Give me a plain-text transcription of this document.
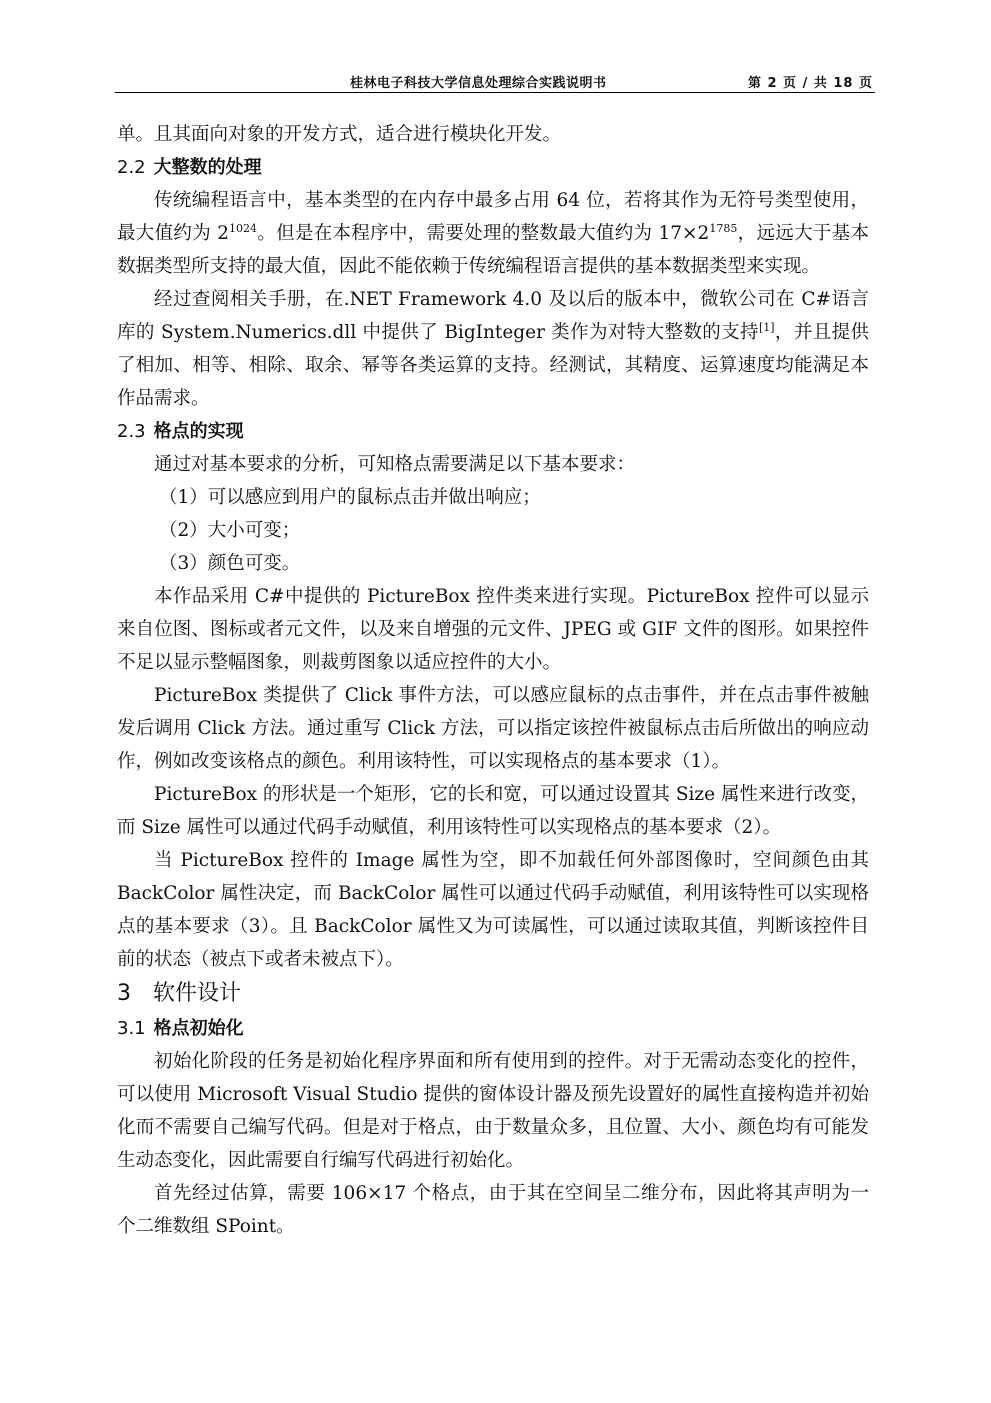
桂林电子科技大学信息处理综合实践说明书	第 2 页 / 共 18 页

单。且其面向对象的开发方式，适合进行模块化开发。

2.2 大整数的处理

传统编程语言中，基本类型的在内存中最多占用 64 位，若将其作为无符号类型使用，最大值约为 $2^{1024}$。但是在本程序中，需要处理的整数最大值约为 $17\times 2^{1785}$，远远大于基本数据类型所支持的最大值，因此不能依赖于传统编程语言提供的基本数据类型来实现。

经过查阅相关手册，在.NET Framework 4.0 及以后的版本中，微软公司在 C#语言库的 System.Numerics.dll 中提供了 BigInteger 类作为对特大整数的支持[1]，并且提供了相加、相等、相除、取余、幂等各类运算的支持。经测试，其精度、运算速度均能满足本作品需求。

2.3 格点的实现

通过对基本要求的分析，可知格点需要满足以下基本要求：

（1）可以感应到用户的鼠标点击并做出响应；

（2）大小可变；

（3）颜色可变。

本作品采用 C#中提供的 PictureBox 控件类来进行实现。PictureBox 控件可以显示来自位图、图标或者元文件，以及来自增强的元文件、JPEG 或 GIF 文件的图形。如果控件不足以显示整幅图象，则裁剪图象以适应控件的大小。

PictureBox 类提供了 Click 事件方法，可以感应鼠标的点击事件，并在点击事件被触发后调用 Click 方法。通过重写 Click 方法，可以指定该控件被鼠标点击后所做出的响应动作，例如改变该格点的颜色。利用该特性，可以实现格点的基本要求（1）。

PictureBox 的形状是一个矩形，它的长和宽，可以通过设置其 Size 属性来进行改变，而 Size 属性可以通过代码手动赋值，利用该特性可以实现格点的基本要求（2）。

当 PictureBox 控件的 Image 属性为空，即不加载任何外部图像时，空间颜色由其 BackColor 属性决定，而 BackColor 属性可以通过代码手动赋值，利用该特性可以实现格点的基本要求（3）。且 BackColor 属性又为可读属性，可以通过读取其值，判断该控件目前的状态（被点下或者未被点下）。

3 软件设计
3.1 格点初始化

初始化阶段的任务是初始化程序界面和所有使用到的控件。对于无需动态变化的控件，可以使用 Microsoft Visual Studio 提供的窗体设计器及预先设置好的属性直接构造并初始化而不需要自己编写代码。但是对于格点，由于数量众多，且位置、大小、颜色均有可能发生动态变化，因此需要自行编写代码进行初始化。

首先经过估算，需要 106×17 个格点，由于其在空间呈二维分布，因此将其声明为一个二维数组 SPoint。
